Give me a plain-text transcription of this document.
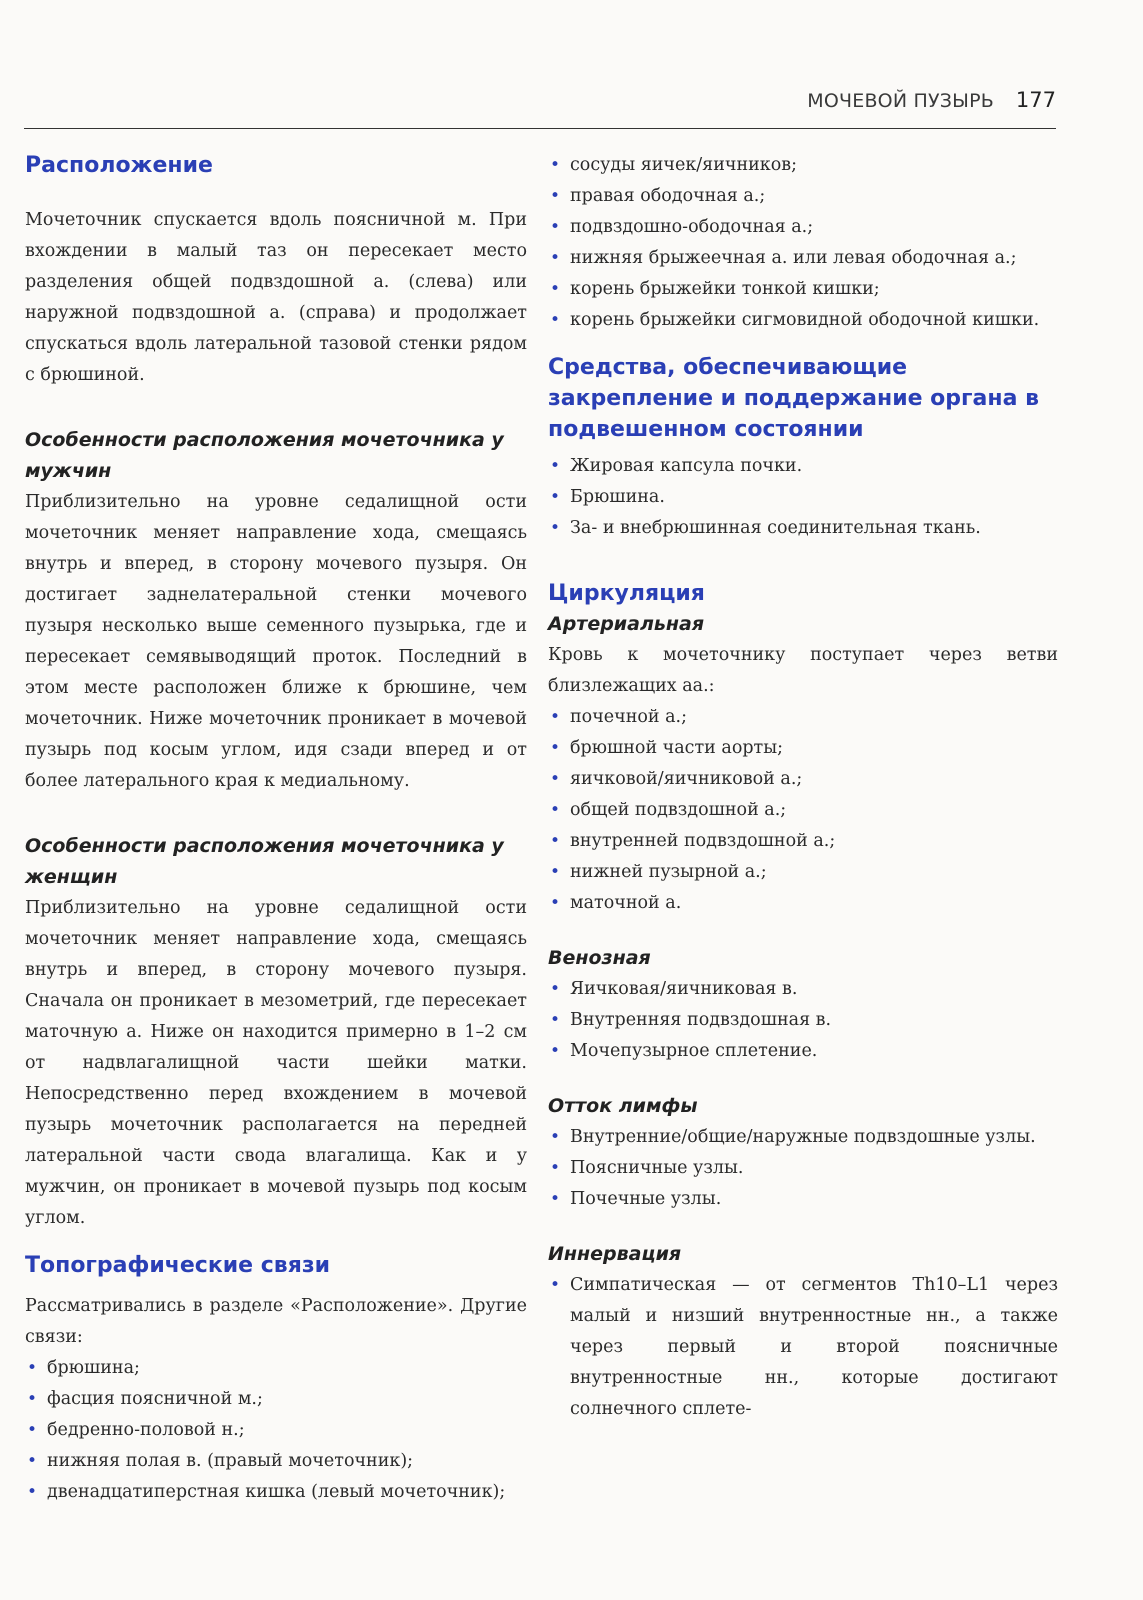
МОЧЕВОЙ ПУЗЫРЬ 177
Расположение

Мочеточник спускается вдоль поясничной м. При вхождении в малый таз он пересекает место разделения общей подвздошной а. (слева) или наружной подвздошной а. (справа) и продолжает спускаться вдоль латеральной тазовой стенки рядом с брюшиной.

Особенности расположения мочеточника у мужчин

Приблизительно на уровне седалищной ости мочеточник меняет направление хода, смещаясь внутрь и вперед, в сторону мочевого пузыря. Он достигает заднелатеральной стенки мочевого пузыря несколько выше семенного пузырька, где и пересекает семявыводящий проток. Последний в этом месте расположен ближе к брюшине, чем мочеточник. Ниже мочеточник проникает в мочевой пузырь под косым углом, идя сзади вперед и от более латерального края к медиальному.

Особенности расположения мочеточника у женщин

Приблизительно на уровне седалищной ости мочеточник меняет направление хода, смещаясь внутрь и вперед, в сторону мочевого пузыря. Сначала он проникает в мезометрий, где пересекает маточную а. Ниже он находится примерно в 1–2 см от надвлагалищной части шейки матки. Непосредственно перед вхождением в мочевой пузырь мочеточник располагается на передней латеральной части свода влагалища. Как и у мужчин, он проникает в мочевой пузырь под косым углом.

Топографические связи

Рассматривались в разделе «Расположение». Другие связи:

• брюшина;
• фасция поясничной м.;
• бедренно-половой н.;
• нижняя полая в. (правый мочеточник);
• двенадцатиперстная кишка (левый мочеточник);
• сосуды яичек/яичников;
• правая ободочная а.;
• подвздошно-ободочная а.;
• нижняя брыжеечная а. или левая ободочная а.;
• корень брыжейки тонкой кишки;
• корень брыжейки сигмовидной ободочной кишки.
Средства, обеспечивающие закрепление и поддержание органа в подвешенном состоянии
• Жировая капсула почки.
• Брюшина.
• За- и внебрюшинная соединительная ткань.
Циркуляция
Артериальная

Кровь к мочеточнику поступает через ветви близлежащих аа.:

• почечной а.;
• брюшной части аорты;
• яичковой/яичниковой а.;
• общей подвздошной а.;
• внутренней подвздошной а.;
• нижней пузырной а.;
• маточной а.
Венозная
• Яичковая/яичниковая в.
• Внутренняя подвздошная в.
• Мочепузырное сплетение.
Отток лимфы
• Внутренние/общие/наружные подвздошные узлы.
• Поясничные узлы.
• Почечные узлы.
Иннервация
• Симпатическая — от сегментов Th10–L1 через малый и низший внутренностные нн., а также через первый и второй поясничные внутренностные нн., которые достигают солнечного сплете-
